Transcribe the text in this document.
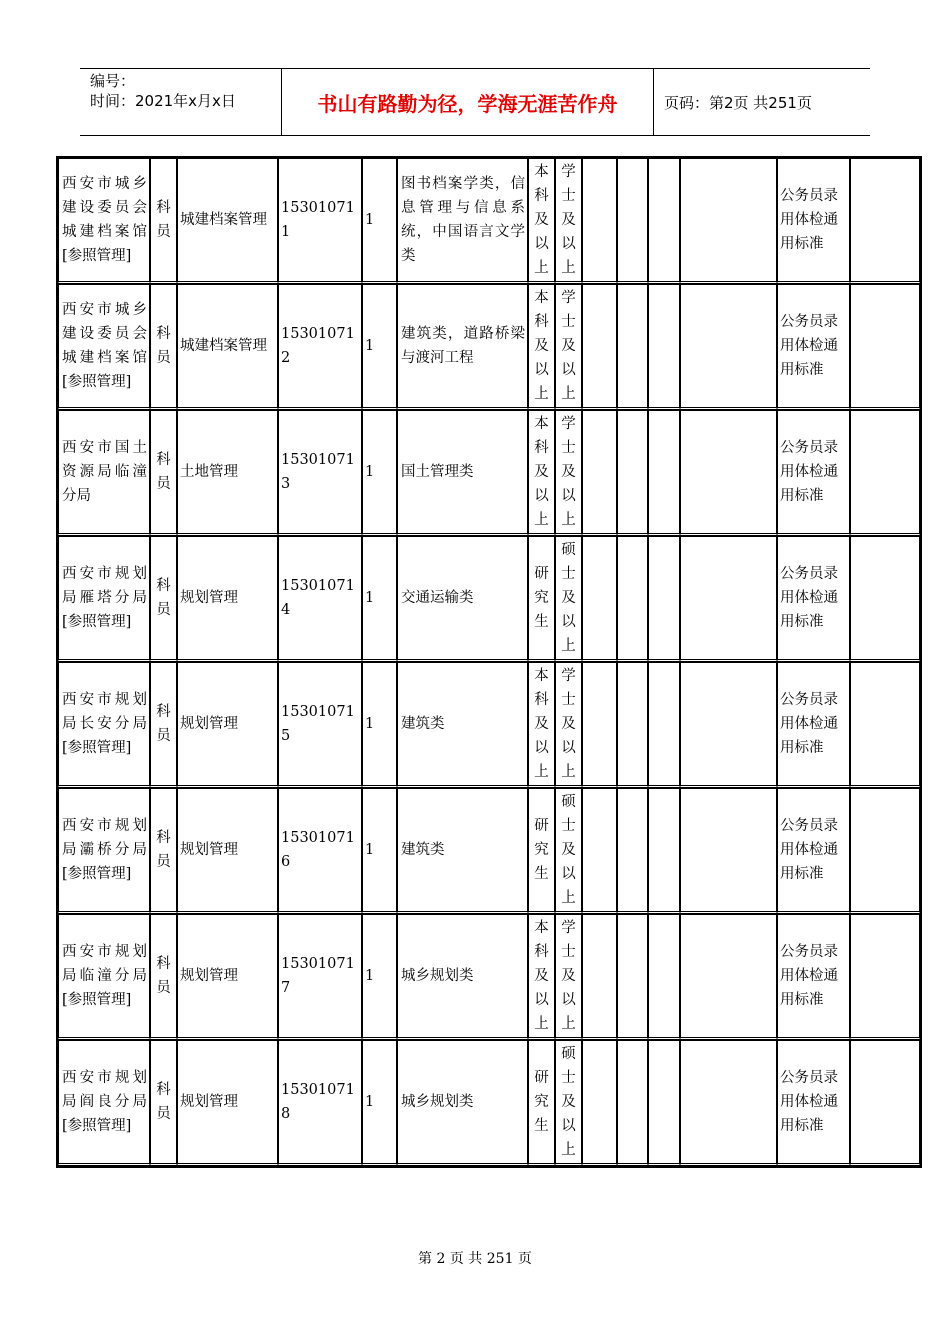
编号：
时间：2021年x月x日	书山有路勤为径，学海无涯苦作舟	页码：第2页 共251页
西安市城乡建设委员会城建档案馆[参照管理]	科员	城建档案管理	153010711	1	图书档案学类，信息管理与信息系统，中国语言文学类	本科及以上	学士及以上					公务员录用体检通用标准	
西安市城乡建设委员会城建档案馆[参照管理]	科员	城建档案管理	153010712	1	建筑类，道路桥梁与渡河工程	本科及以上	学士及以上					公务员录用体检通用标准	
西安市国土资源局临潼分局	科员	土地管理	153010713	1	国土管理类	本科及以上	学士及以上					公务员录用体检通用标准	
西安市规划局雁塔分局[参照管理]	科员	规划管理	153010714	1	交通运输类	研究生	硕士及以上					公务员录用体检通用标准	
西安市规划局长安分局[参照管理]	科员	规划管理	153010715	1	建筑类	本科及以上	学士及以上					公务员录用体检通用标准	
西安市规划局灞桥分局[参照管理]	科员	规划管理	153010716	1	建筑类	研究生	硕士及以上					公务员录用体检通用标准	
西安市规划局临潼分局[参照管理]	科员	规划管理	153010717	1	城乡规划类	本科及以上	学士及以上					公务员录用体检通用标准	
西安市规划局阎良分局[参照管理]	科员	规划管理	153010718	1	城乡规划类	研究生	硕士及以上					公务员录用体检通用标准	
第 2 页 共 251 页
